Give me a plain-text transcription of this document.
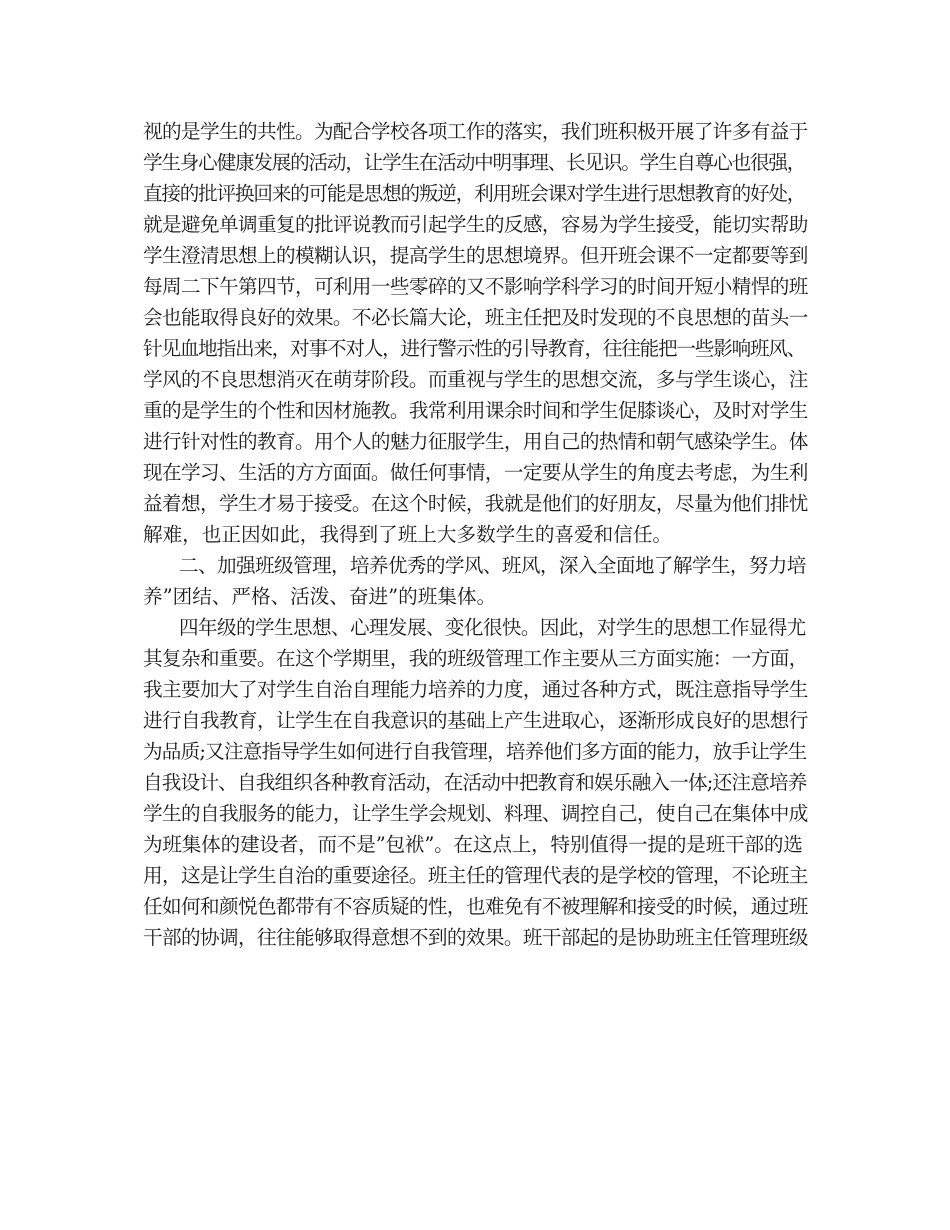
视的是学生的共性。为配合学校各项工作的落实，我们班积极开展了许多有益于
学生身心健康发展的活动，让学生在活动中明事理、长见识。学生自尊心也很强，
直接的批评换回来的可能是思想的叛逆，利用班会课对学生进行思想教育的好处，
就是避免单调重复的批评说教而引起学生的反感，容易为学生接受，能切实帮助
学生澄清思想上的模糊认识，提高学生的思想境界。但开班会课不一定都要等到
每周二下午第四节，可利用一些零碎的又不影响学科学习的时间开短小精悍的班
会也能取得良好的效果。不必长篇大论，班主任把及时发现的不良思想的苗头一
针见血地指出来，对事不对人，进行警示性的引导教育，往往能把一些影响班风、
学风的不良思想消灭在萌芽阶段。而重视与学生的思想交流，多与学生谈心，注
重的是学生的个性和因材施教。我常利用课余时间和学生促膝谈心，及时对学生
进行针对性的教育。用个人的魅力征服学生，用自己的热情和朝气感染学生。体
现在学习、生活的方方面面。做任何事情，一定要从学生的角度去考虑，为生利
益着想，学生才易于接受。在这个时候，我就是他们的好朋友，尽量为他们排忧
解难，也正因如此，我得到了班上大多数学生的喜爱和信任。
二、加强班级管理，培养优秀的学风、班风，深入全面地了解学生，努力培
养”团结、严格、活泼、奋进”的班集体。
四年级的学生思想、心理发展、变化很快。因此，对学生的思想工作显得尤
其复杂和重要。在这个学期里，我的班级管理工作主要从三方面实施：一方面，
我主要加大了对学生自治自理能力培养的力度，通过各种方式，既注意指导学生
进行自我教育，让学生在自我意识的基础上产生进取心，逐渐形成良好的思想行
为品质;又注意指导学生如何进行自我管理，培养他们多方面的能力，放手让学生
自我设计、自我组织各种教育活动，在活动中把教育和娱乐融入一体;还注意培养
学生的自我服务的能力，让学生学会规划、料理、调控自己，使自己在集体中成
为班集体的建设者，而不是”包袱”。在这点上，特别值得一提的是班干部的选
用，这是让学生自治的重要途径。班主任的管理代表的是学校的管理，不论班主
任如何和颜悦色都带有不容质疑的性，也难免有不被理解和接受的时候，通过班
干部的协调，往往能够取得意想不到的效果。班干部起的是协助班主任管理班级
